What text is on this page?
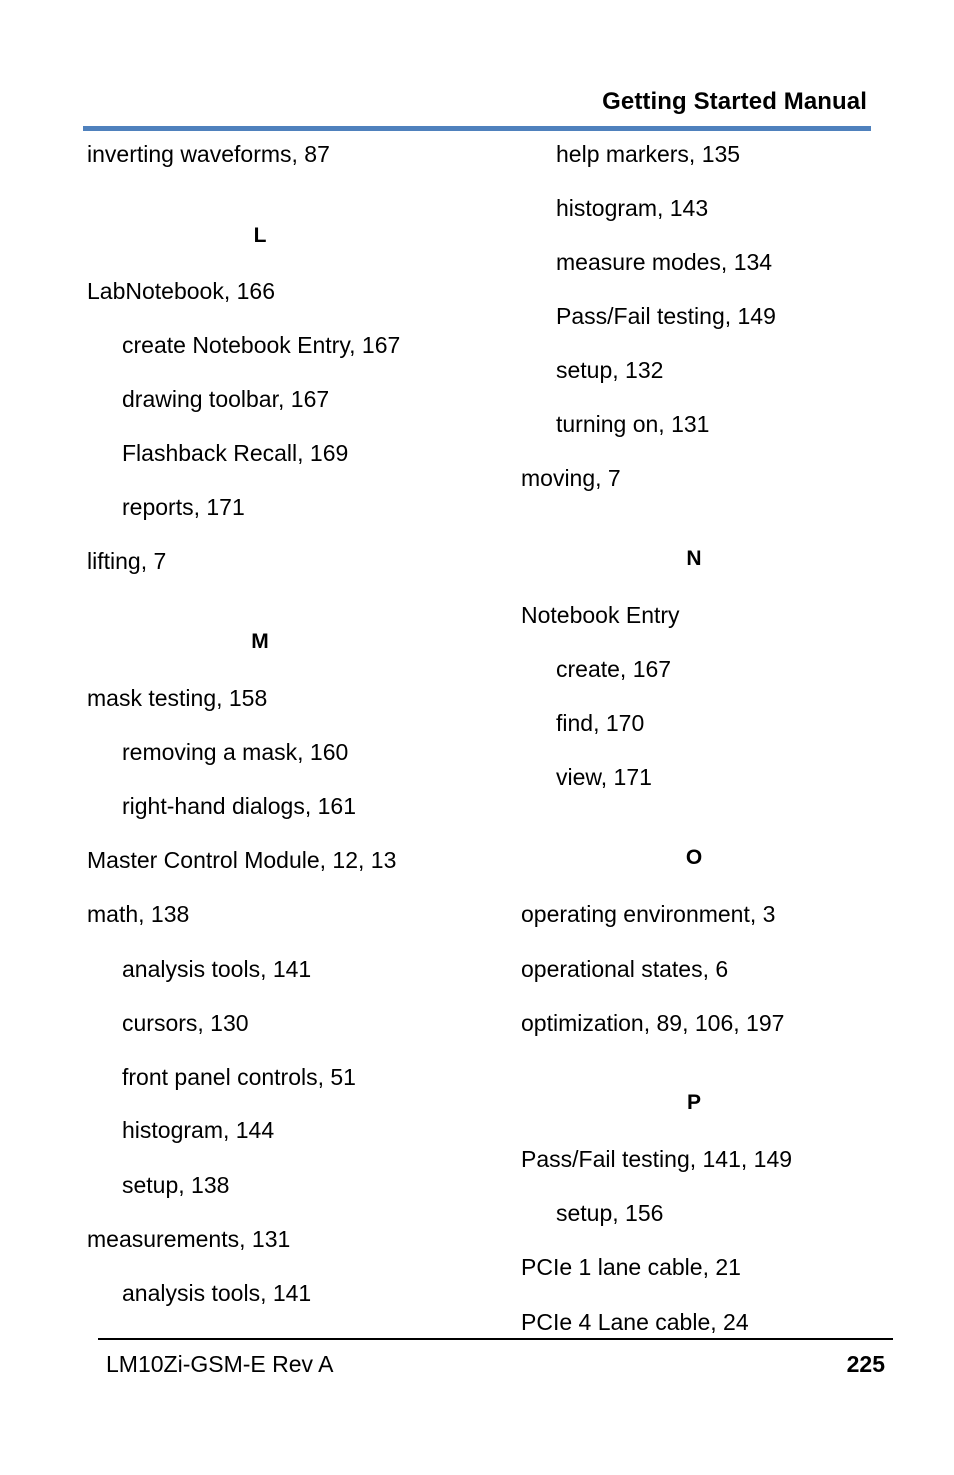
Getting Started Manual
inverting waveforms, 87
L
LabNotebook, 166
create Notebook Entry, 167
drawing toolbar, 167
Flashback Recall, 169
reports, 171
lifting, 7
M
mask testing, 158
removing a mask, 160
right-hand dialogs, 161
Master Control Module, 12, 13
math, 138
analysis tools, 141
cursors, 130
front panel controls, 51
histogram, 144
setup, 138
measurements, 131
analysis tools, 141
help markers, 135
histogram, 143
measure modes, 134
Pass/Fail testing, 149
setup, 132
turning on, 131
moving, 7
N
Notebook Entry
create, 167
find, 170
view, 171
O
operating environment, 3
operational states, 6
optimization, 89, 106, 197
P
Pass/Fail testing, 141, 149
setup, 156
PCIe 1 lane cable, 21
PCIe 4 Lane cable, 24
LM10Zi-GSM-E Rev A	225
